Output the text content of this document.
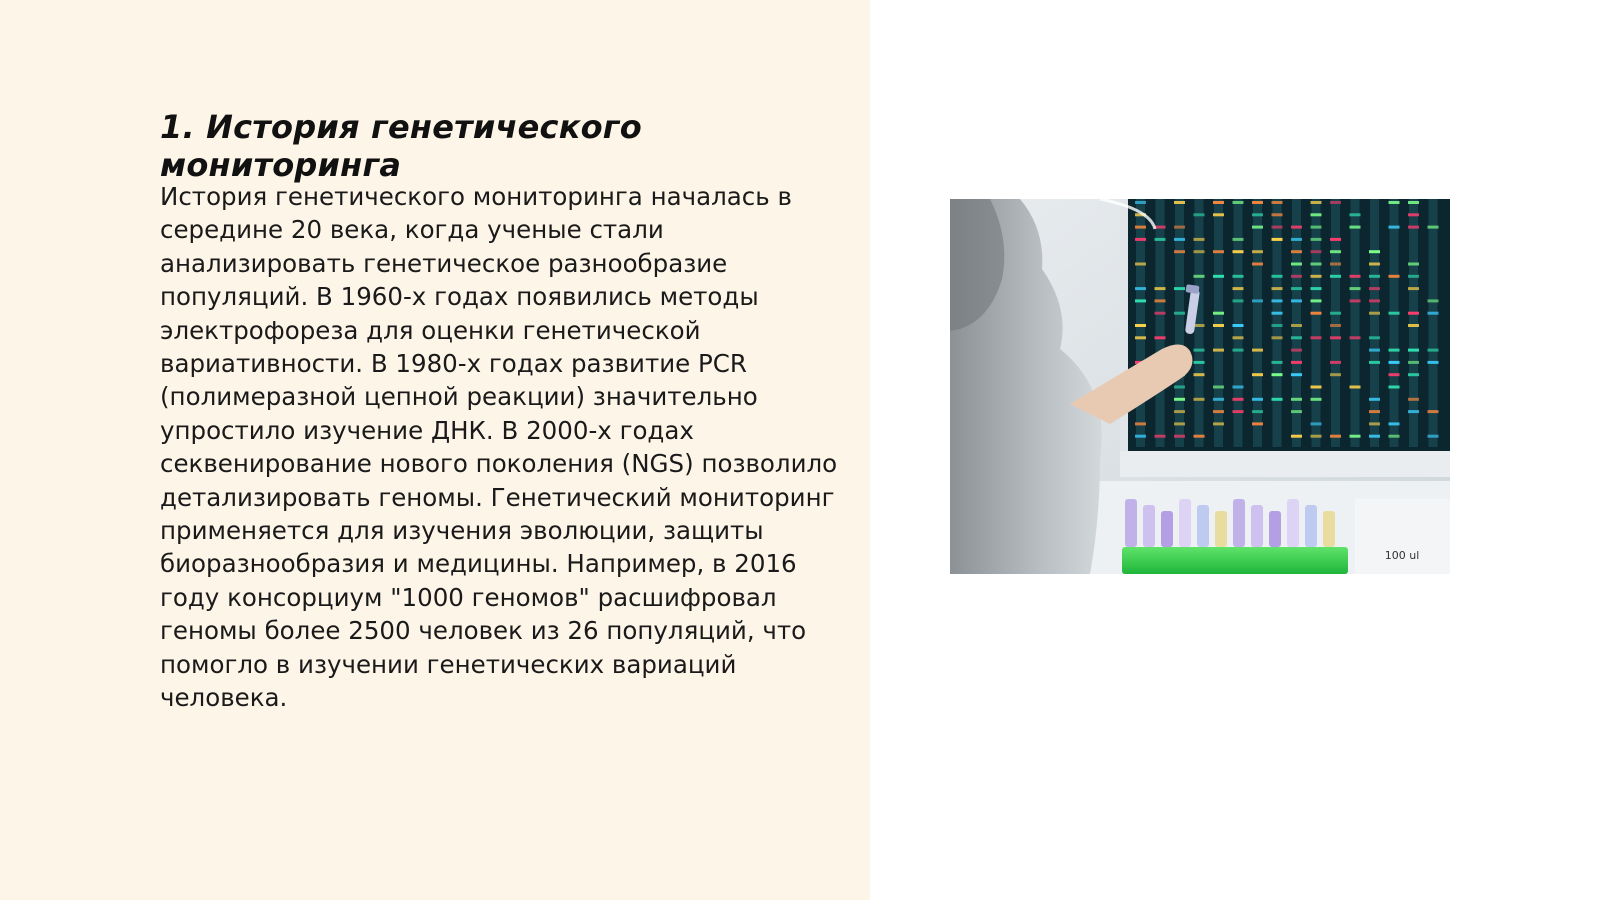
1. История генетического мониторинга

История генетического мониторинга началась в середине 20 века, когда ученые стали анализировать генетическое разнообразие популяций. В 1960-х годах появились методы электрофореза для оценки генетической вариативности. В 1980-х годах развитие PCR (полимеразной цепной реакции) значительно упростило изучение ДНК. В 2000-х годах секвенирование нового поколения (NGS) позволило детализировать геномы. Генетический мониторинг применяется для изучения эволюции, защиты биоразнообразия и медицины. Например, в 2016 году консорциум "1000 геномов" расшифровал геномы более 2500 человек из 26 популяций, что помогло в изучении генетических вариаций человека.

100 ul
